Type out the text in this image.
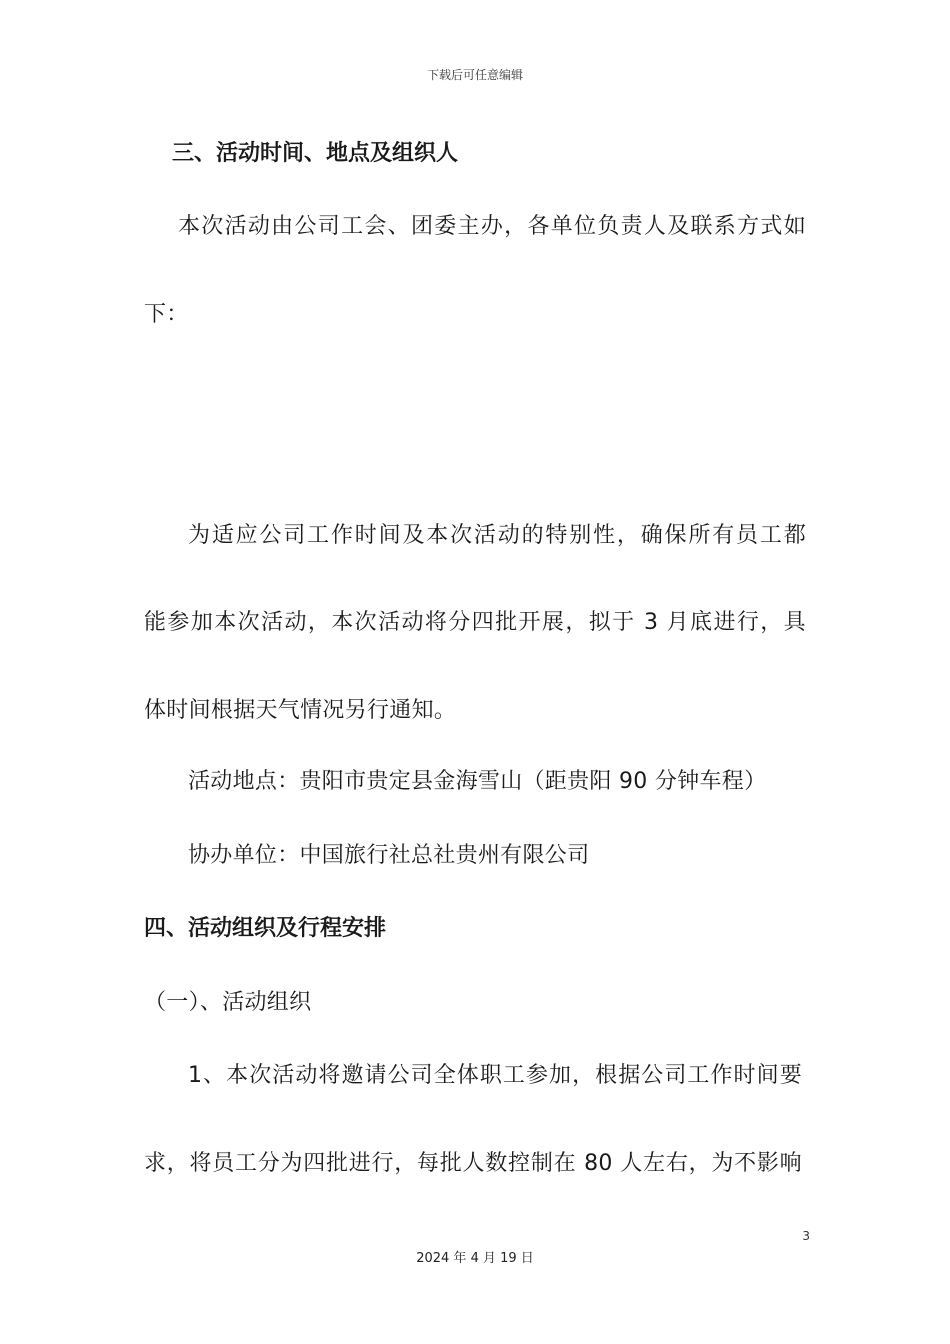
下载后可任意编辑
三、活动时间、地点及组织人
本次活动由公司工会、团委主办，各单位负责人及联系方式如
下：
为适应公司工作时间及本次活动的特别性，确保所有员工都
能参加本次活动，本次活动将分四批开展，拟于 3 月底进行，具
体时间根据天气情况另行通知。
活动地点：贵阳市贵定县金海雪山（距贵阳 90 分钟车程）
协办单位：中国旅行社总社贵州有限公司
四、活动组织及行程安排
（一）、活动组织
1、本次活动将邀请公司全体职工参加，根据公司工作时间要
求，将员工分为四批进行，每批人数控制在 80 人左右，为不影响
3
2024 年 4 月 19 日
